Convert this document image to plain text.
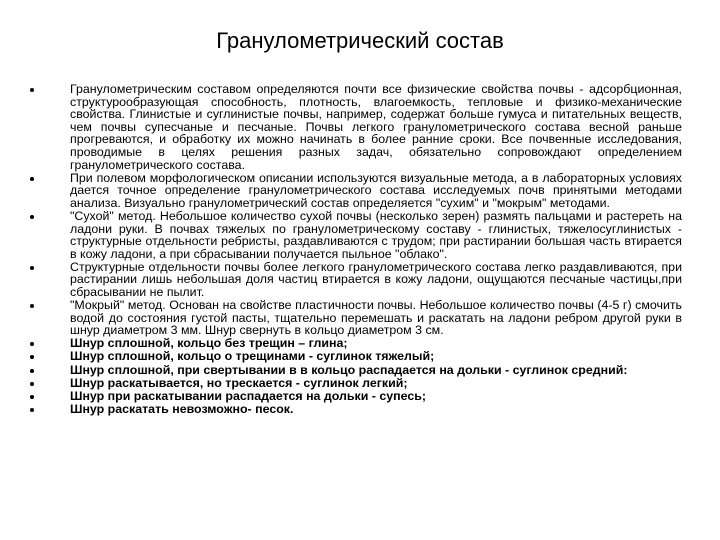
Гранулометрический состав
Гранулометрическим составом определяются почти все физические свойства почвы - адсорбционная, структурообразующая способность, плотность, влагоемкость, тепловые и физико-механические свойства. Глинистые и суглинистые почвы, например, содержат больше гумуса и питательных веществ, чем почвы супесчаные и песчаные. Почвы легкого гранулометрического состава весной раньше прогреваются, и обработку их можно начинать в более ранние сроки. Все почвенные исследования, проводимые в целях решения разных задач, обязательно сопровождают определением гранулометрического состава.
При полевом морфологическом описании используются визуальные метода, а в лабораторных условиях дается точное определение гранулометрического состава исследуемых почв принятыми методами анализа. Визуально гранулометрический состав определяется "сухим" и "мокрым" методами.
"Сухой" метод. Небольшое количество сухой почвы (несколько зерен) размять пальцами и растереть на ладони руки. В почвах тяжелых по гранулометрическому составу - глинистых, тяжелосуглинистых - структурные отдельности ребристы, раздавливаются с трудом; при растирании большая часть втирается в кожу ладони, а при сбрасывании получается пыльное "облако".
Структурные отдельности почвы более легкого гранулометрического состава легко раздавливаются, при растирании лишь небольшая доля частиц втирается в кожу ладони, ощущаются песчаные частицы,при сбрасывании не пылит.
"Мокрый" метод. Основан на свойстве пластичности почвы. Небольшое количество почвы (4-5 г) смочить водой до состояния густой пасты, тщательно перемешать и раскатать на ладони ребром другой руки в шнур диаметром 3 мм. Шнур свернуть в кольцо диаметром 3 см.
Шнур сплошной, кольцо без трещин – глина;
Шнур сплошной, кольцо о трещинами - суглинок тяжелый;
Шнур сплошной, при свертывании в в кольцо распадается на дольки - суглинок средний:
Шнур раскатывается, но трескается - суглинок легкий;
Шнур при раскатывании распадается на дольки - супесь;
Шнур раскатать невозможно- песок.
